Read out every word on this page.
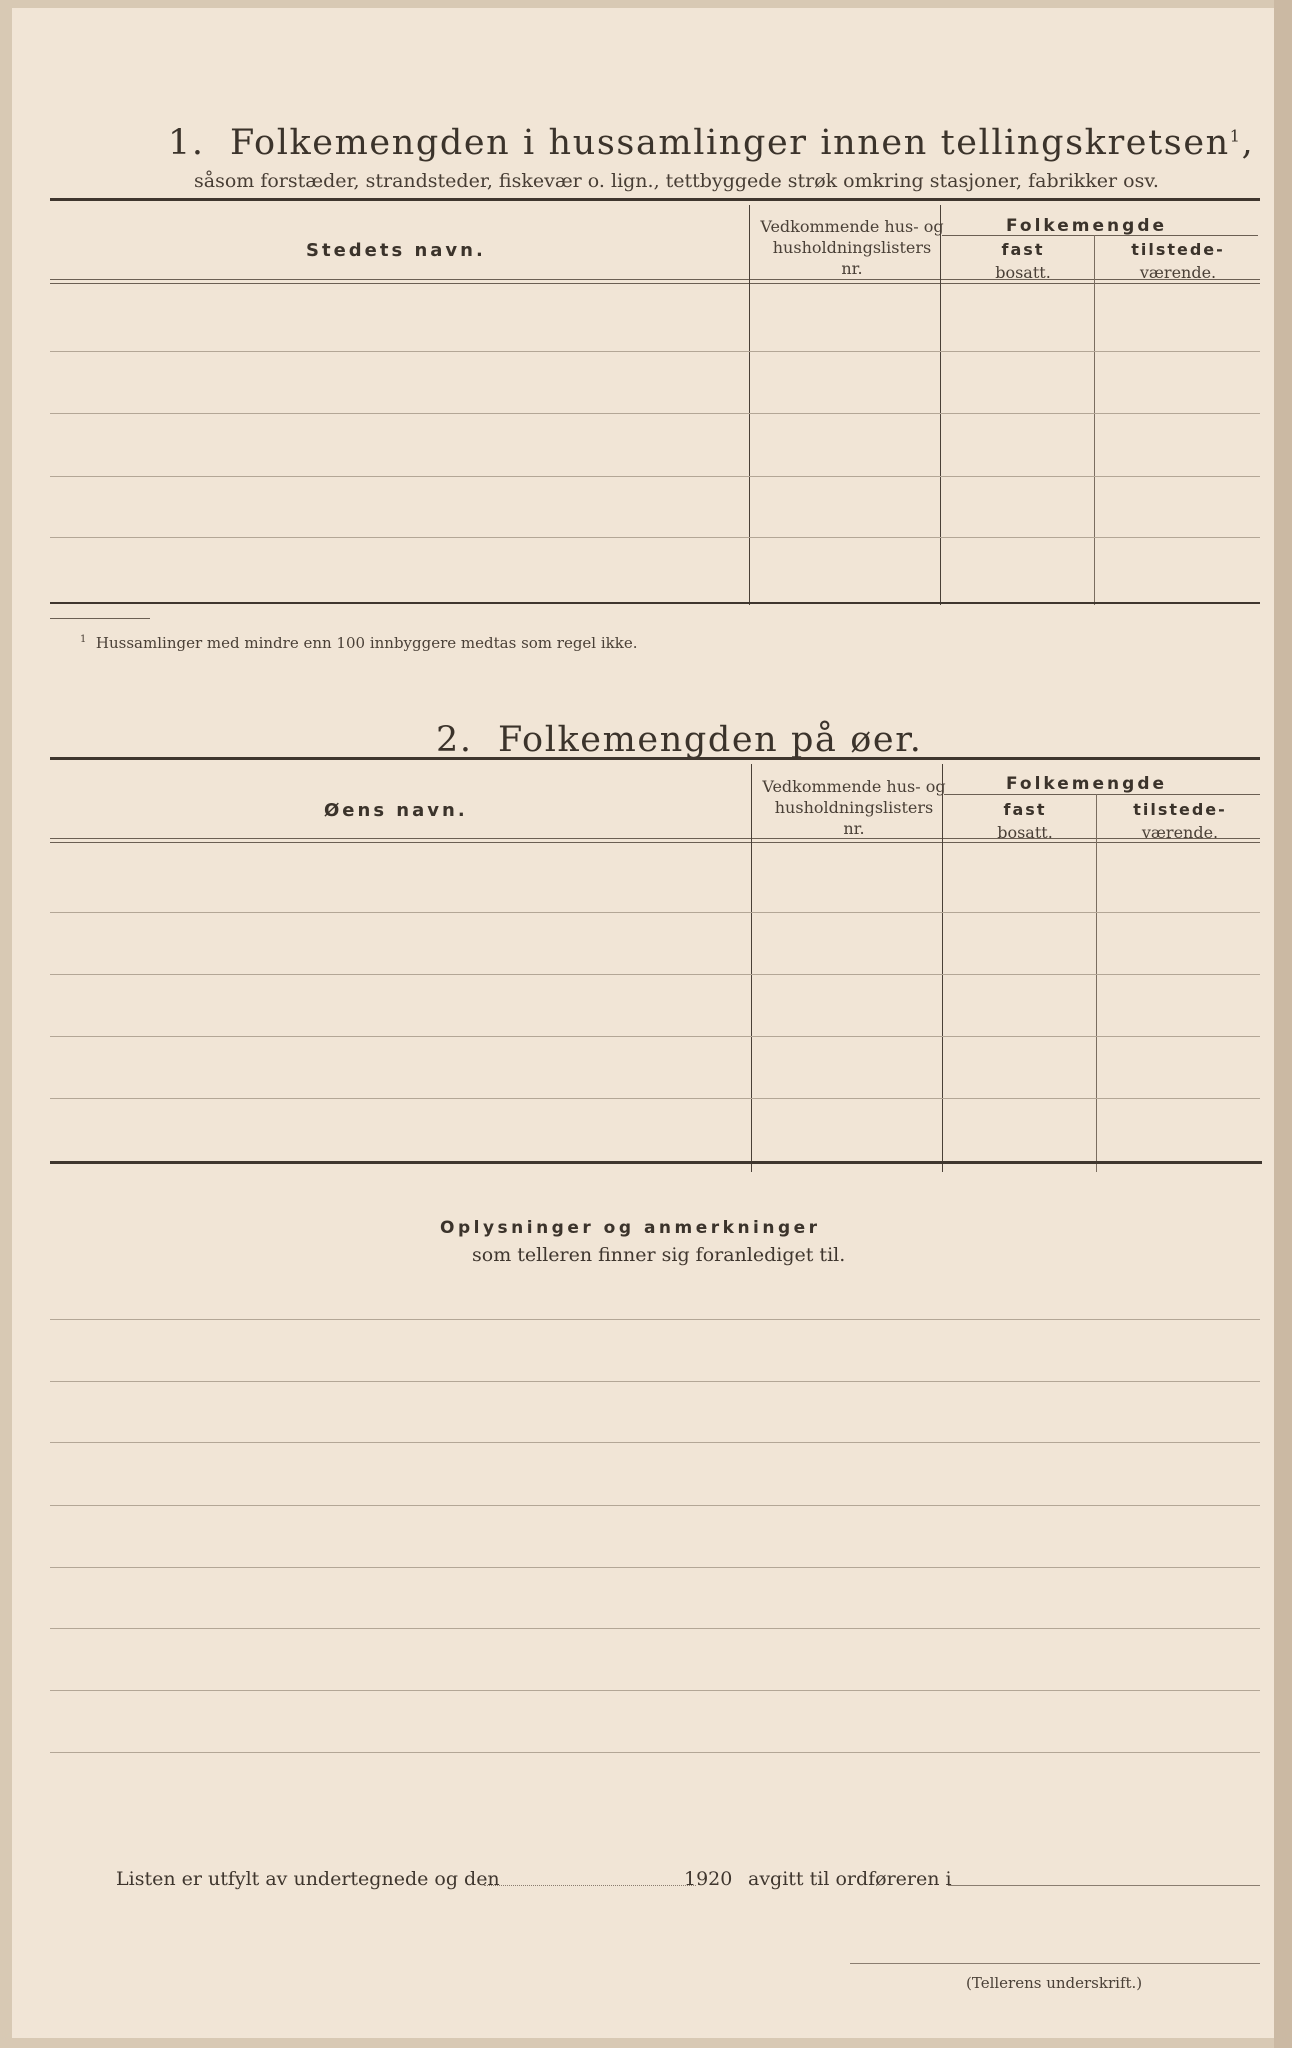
1. Folkemengden i hussamlinger innen tellingskretsen$^1$,
såsom forstæder, strandsteder, fiskevær o. lign., tettbyggede strøk omkring stasjoner, fabrikker osv.
Stedets navn.
Vedkommende hus- og
husholdningslisters
nr.
Folkemengde
fast
bosatt.
tilstede-
værende.
$^1$ Hussamlinger med mindre enn 100 innbyggere medtas som regel ikke.
2. Folkemengden på øer.
Øens navn.
Vedkommende hus- og
husholdningslisters
nr.
Folkemengde
fast
bosatt.
tilstede-
værende.
Oplysninger og anmerkninger
som telleren finner sig foranlediget til.
Listen er utfylt av undertegnede og den	1920 avgitt til ordføreren i
(Tellerens underskrift.)
